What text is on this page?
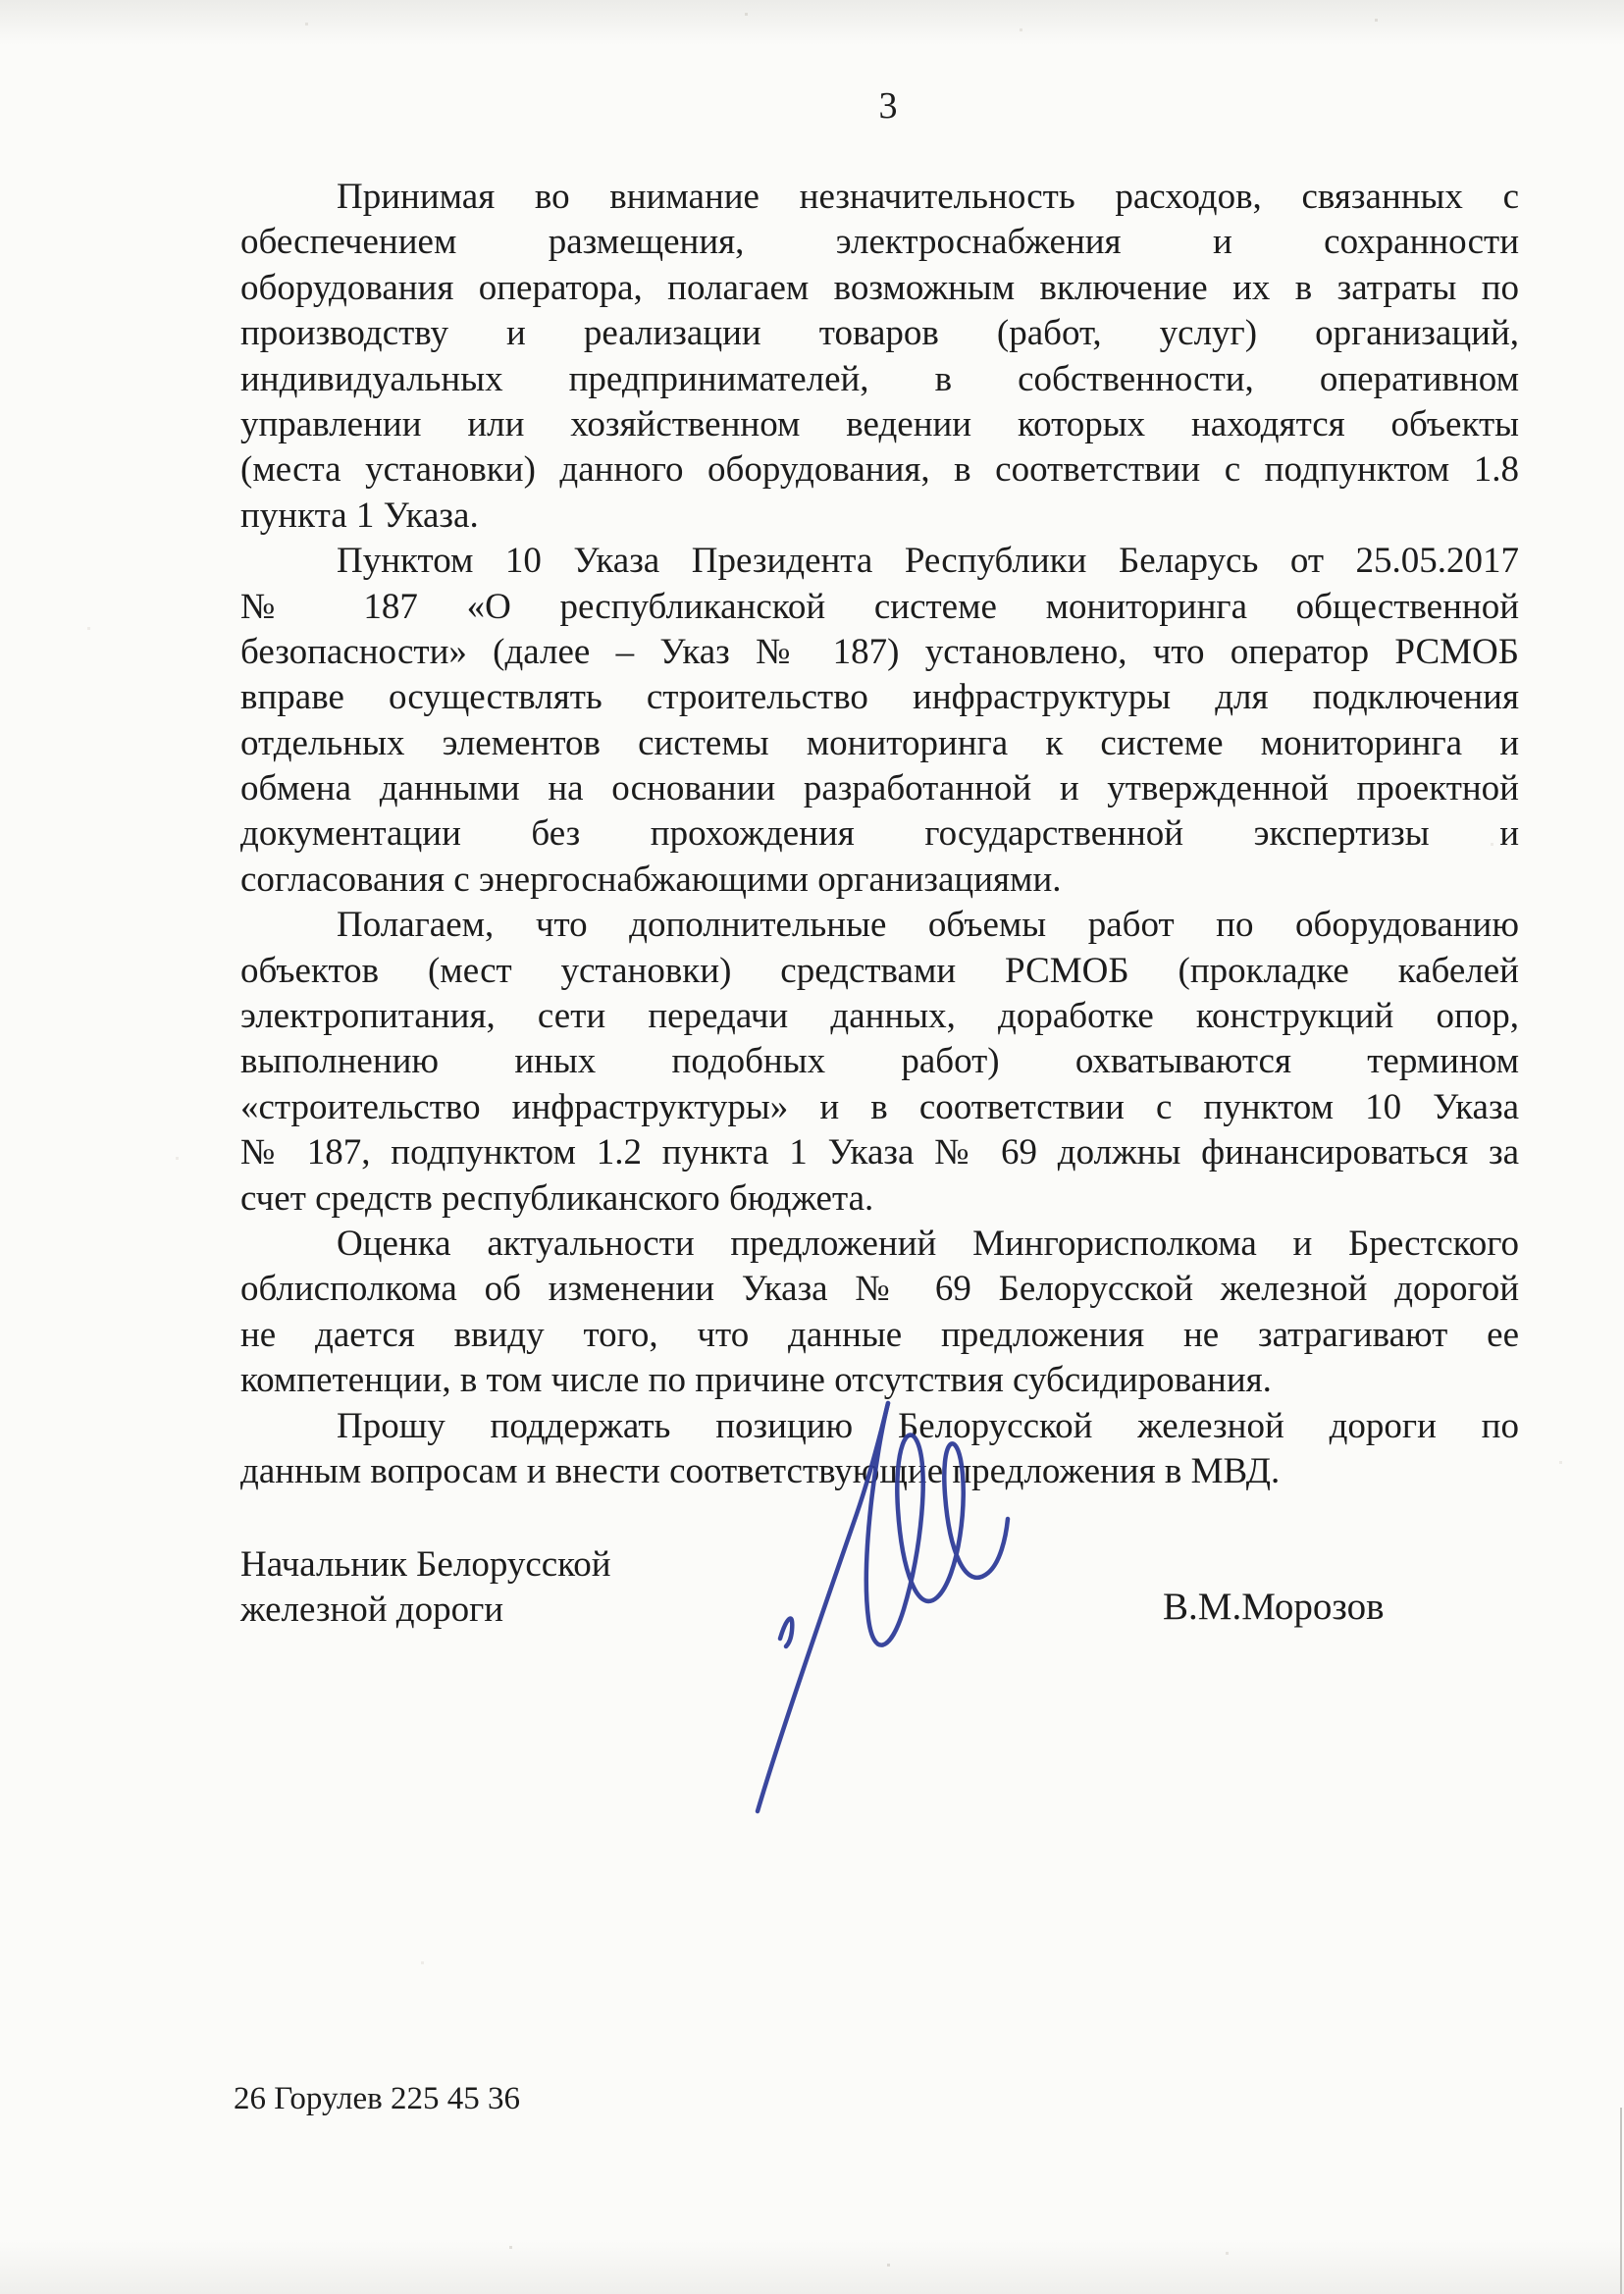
3
Принимая во внимание незначительность расходов, связанных с
обеспечением размещения, электроснабжения и сохранности
оборудования оператора, полагаем возможным включение их в затраты по
производству и реализации товаров (работ, услуг) организаций,
индивидуальных предпринимателей, в собственности, оперативном
управлении или хозяйственном ведении которых находятся объекты
(места установки) данного оборудования, в соответствии с подпунктом 1.8
пункта 1 Указа.
Пунктом 10 Указа Президента Республики Беларусь от 25.05.2017
№ 187 «О республиканской системе мониторинга общественной
безопасности» (далее – Указ № 187) установлено, что оператор РСМОБ
вправе осуществлять строительство инфраструктуры для подключения
отдельных элементов системы мониторинга к системе мониторинга и
обмена данными на основании разработанной и утвержденной проектной
документации без прохождения государственной экспертизы и
согласования с энергоснабжающими организациями.
Полагаем, что дополнительные объемы работ по оборудованию
объектов (мест установки) средствами РСМОБ (прокладке кабелей
электропитания, сети передачи данных, доработке конструкций опор,
выполнению иных подобных работ) охватываются термином
«строительство инфраструктуры» и в соответствии с пунктом 10 Указа
№ 187, подпунктом 1.2 пункта 1 Указа № 69 должны финансироваться за
счет средств республиканского бюджета.
Оценка актуальности предложений Мингорисполкома и Брестского
облисполкома об изменении Указа № 69 Белорусской железной дорогой
не дается ввиду того, что данные предложения не затрагивают ее
компетенции, в том числе по причине отсутствия субсидирования.
Прошу поддержать позицию Белорусской железной дороги по
данным вопросам и внести соответствующие предложения в МВД.
Начальник Белорусской
железной дороги	В.М.Морозов
26 Горулев 225 45 36
